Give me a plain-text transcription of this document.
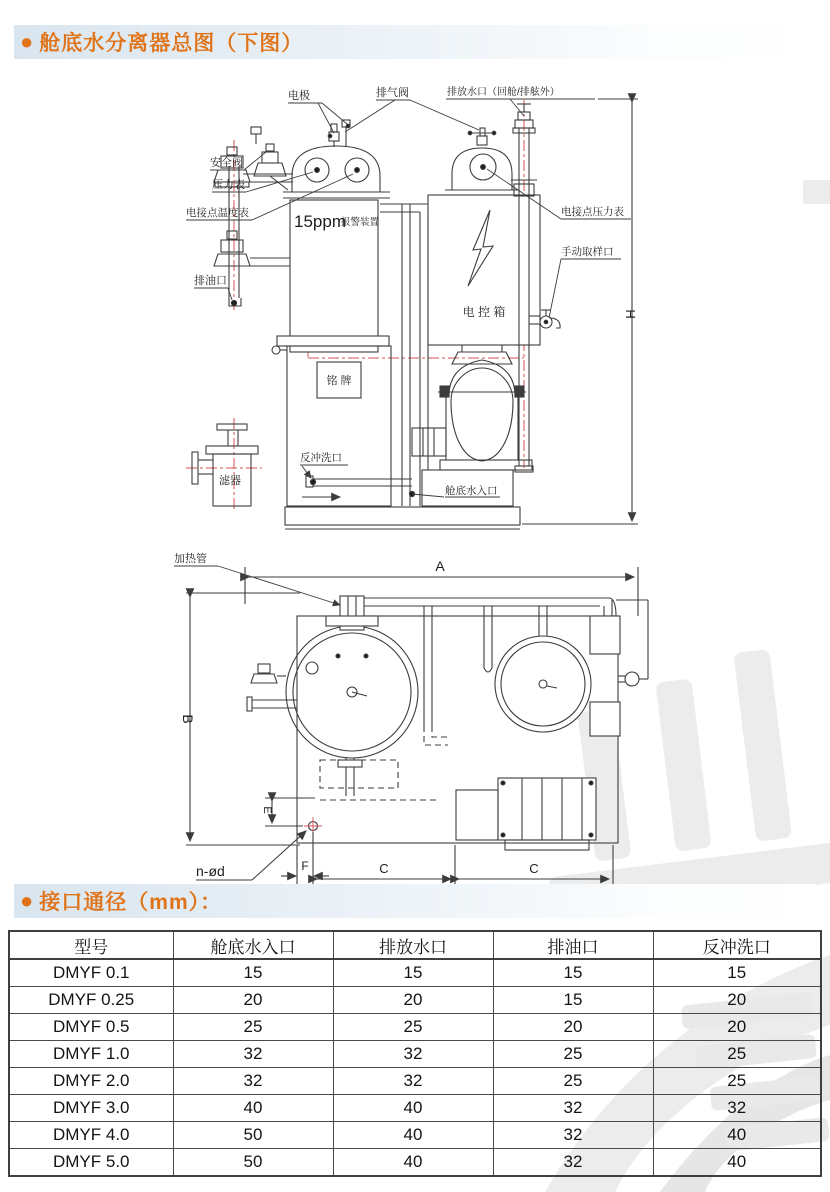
● 舱底水分离器总图（下图）
电极	排气阀	排放水口（回舱/排舷外）
安全阀
压力表
电接点温度表	15ppm
报警装置
排油口
电接点压力表
手动取样口
电 控 箱
铭 牌
滤器
反冲洗口
舱底水入口
H
加热管	A
B
E
F	C	C
n-ød
● 接口通径（mm）：
型号	舱底水入口	排放水口	排油口	反冲洗口
DMYF 0.1	15	15	15	15
DMYF 0.25	20	20	15	20
DMYF 0.5	25	25	20	20
DMYF 1.0	32	32	25	25
DMYF 2.0	32	32	25	25
DMYF 3.0	40	40	32	32
DMYF 4.0	50	40	32	40
DMYF 5.0	50	40	32	40
